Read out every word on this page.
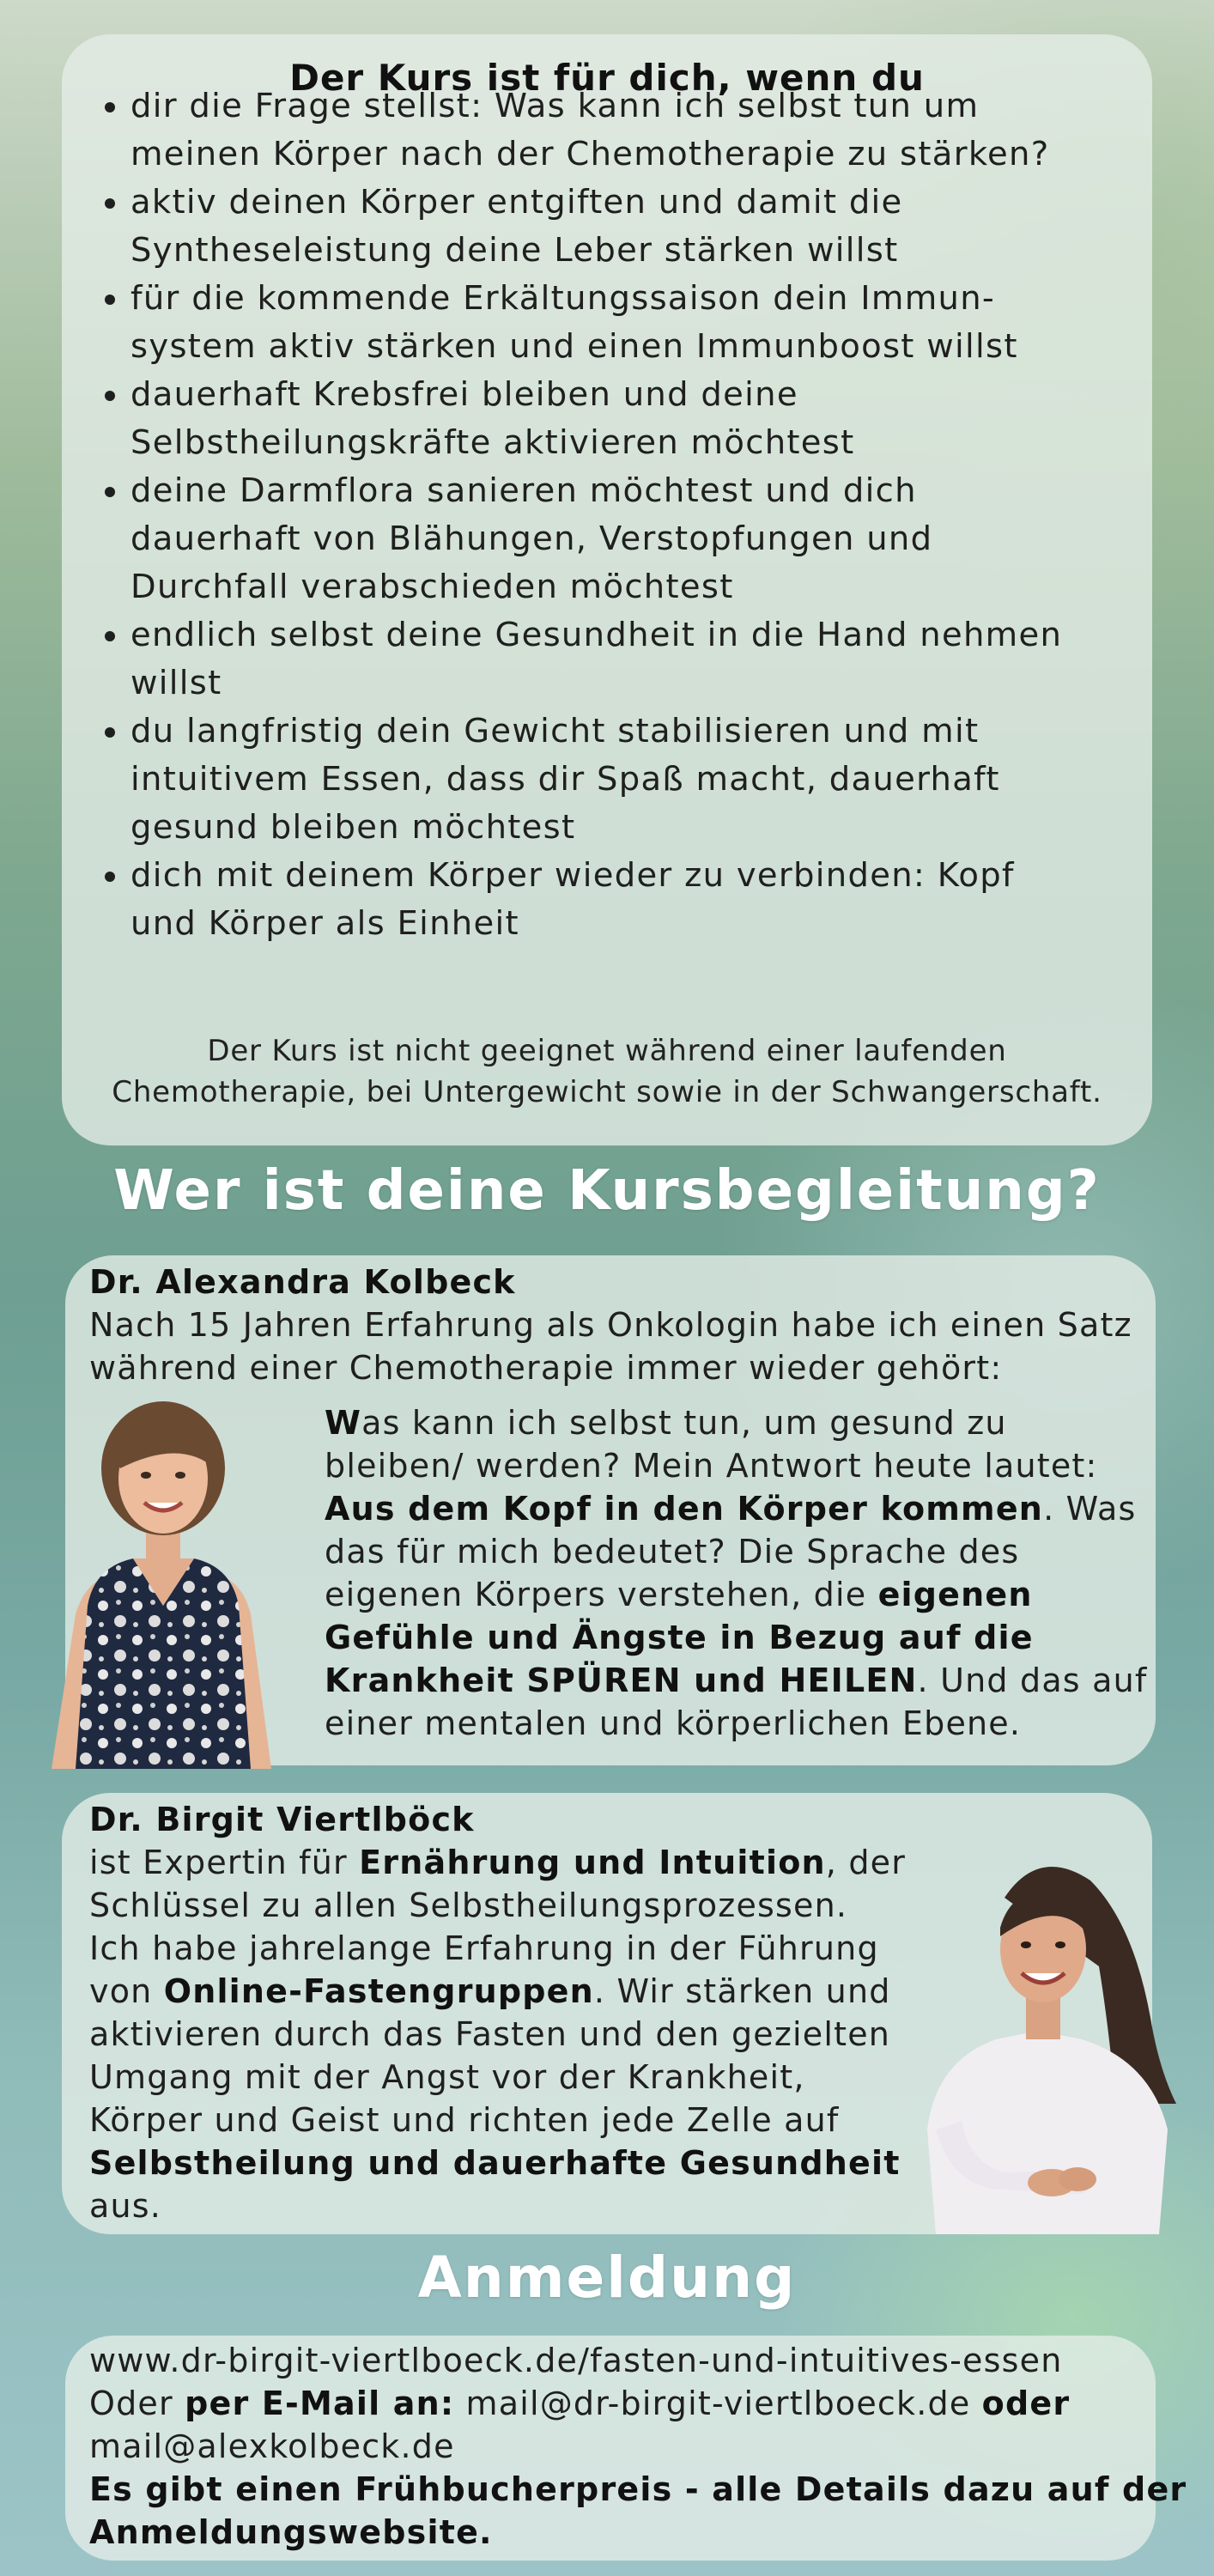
Der Kurs ist für dich, wenn du
• dir die Frage stellst: Was kann ich selbst tun um
meinen Körper nach der Chemotherapie zu stärken?
• aktiv deinen Körper entgiften und damit die
Syntheseleistung deine Leber stärken willst
• für die kommende Erkältungssaison dein Immun-
system aktiv stärken und einen Immunboost willst
• dauerhaft Krebsfrei bleiben und deine
Selbstheilungskräfte aktivieren möchtest
• deine Darmflora sanieren möchtest und dich
dauerhaft von Blähungen, Verstopfungen und
Durchfall verabschieden möchtest
• endlich selbst deine Gesundheit in die Hand nehmen
willst
• du langfristig dein Gewicht stabilisieren und mit
intuitivem Essen, dass dir Spaß macht, dauerhaft
gesund bleiben möchtest
• dich mit deinem Körper wieder zu verbinden: Kopf
und Körper als Einheit
Der Kurs ist nicht geeignet während einer laufenden
Chemotherapie, bei Untergewicht sowie in der Schwangerschaft.
Wer ist deine Kursbegleitung?
Dr. Alexandra Kolbeck
Nach 15 Jahren Erfahrung als Onkologin habe ich einen Satz
während einer Chemotherapie immer wieder gehört:
Was kann ich selbst tun, um gesund zu
bleiben/ werden? Mein Antwort heute lautet:
Aus dem Kopf in den Körper kommen. Was
das für mich bedeutet? Die Sprache des
eigenen Körpers verstehen, die eigenen
Gefühle und Ängste in Bezug auf die
Krankheit SPÜREN und HEILEN. Und das auf
einer mentalen und körperlichen Ebene.
Dr. Birgit Viertlböck
ist Expertin für Ernährung und Intuition, der
Schlüssel zu allen Selbstheilungsprozessen.
Ich habe jahrelange Erfahrung in der Führung
von Online-Fastengruppen. Wir stärken und
aktivieren durch das Fasten und den gezielten
Umgang mit der Angst vor der Krankheit,
Körper und Geist und richten jede Zelle auf
Selbstheilung und dauerhafte Gesundheit
aus.
Anmeldung
www.dr-birgit-viertlboeck.de/fasten-und-intuitives-essen
Oder per E-Mail an: mail@dr-birgit-viertlboeck.de oder
mail@alexkolbeck.de
Es gibt einen Frühbucherpreis - alle Details dazu auf der
Anmeldungswebsite.
